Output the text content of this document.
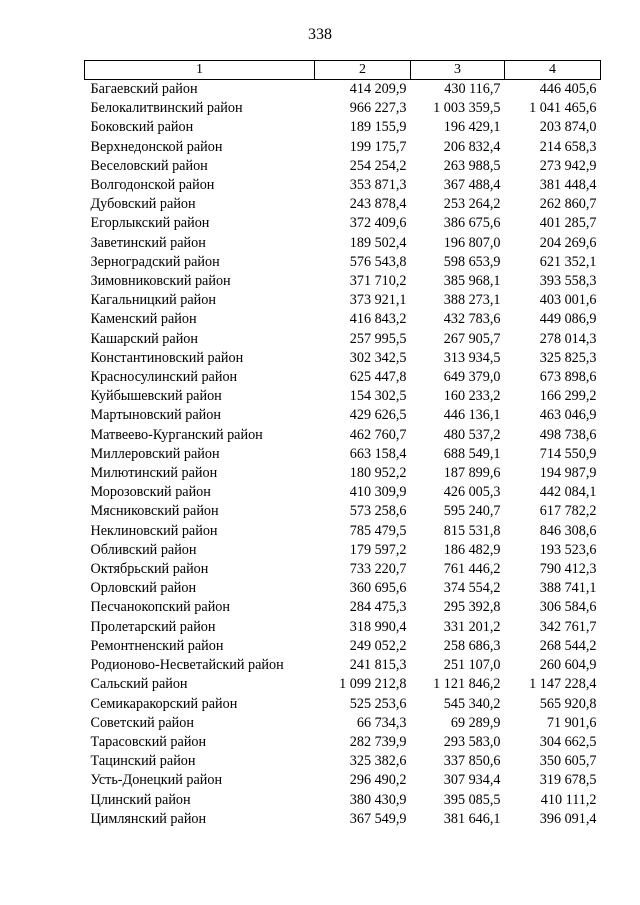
338
1	2	3	4
Багаевский район	414 209,9	430 116,7	446 405,6
Белокалитвинский район	966 227,3	1 003 359,5	1 041 465,6
Боковский район	189 155,9	196 429,1	203 874,0
Верхнедонской район	199 175,7	206 832,4	214 658,3
Веселовский район	254 254,2	263 988,5	273 942,9
Волгодонской район	353 871,3	367 488,4	381 448,4
Дубовский район	243 878,4	253 264,2	262 860,7
Егорлыкский район	372 409,6	386 675,6	401 285,7
Заветинский район	189 502,4	196 807,0	204 269,6
Зерноградский район	576 543,8	598 653,9	621 352,1
Зимовниковский район	371 710,2	385 968,1	393 558,3
Кагальницкий район	373 921,1	388 273,1	403 001,6
Каменский район	416 843,2	432 783,6	449 086,9
Кашарский район	257 995,5	267 905,7	278 014,3
Константиновский район	302 342,5	313 934,5	325 825,3
Красносулинский район	625 447,8	649 379,0	673 898,6
Куйбышевский район	154 302,5	160 233,2	166 299,2
Мартыновский район	429 626,5	446 136,1	463 046,9
Матвеево-Курганский район	462 760,7	480 537,2	498 738,6
Миллеровский район	663 158,4	688 549,1	714 550,9
Милютинский район	180 952,2	187 899,6	194 987,9
Морозовский район	410 309,9	426 005,3	442 084,1
Мясниковский район	573 258,6	595 240,7	617 782,2
Неклиновский район	785 479,5	815 531,8	846 308,6
Обливский район	179 597,2	186 482,9	193 523,6
Октябрьский район	733 220,7	761 446,2	790 412,3
Орловский район	360 695,6	374 554,2	388 741,1
Песчанокопский район	284 475,3	295 392,8	306 584,6
Пролетарский район	318 990,4	331 201,2	342 761,7
Ремонтненский район	249 052,2	258 686,3	268 544,2
Родионово-Несветайский район	241 815,3	251 107,0	260 604,9
Сальский район	1 099 212,8	1 121 846,2	1 147 228,4
Семикаракорский район	525 253,6	545 340,2	565 920,8
Советский район	66 734,3	69 289,9	71 901,6
Тарасовский район	282 739,9	293 583,0	304 662,5
Тацинский район	325 382,6	337 850,6	350 605,7
Усть-Донецкий район	296 490,2	307 934,4	319 678,5
Цлинский район	380 430,9	395 085,5	410 111,2
Цимлянский район	367 549,9	381 646,1	396 091,4
